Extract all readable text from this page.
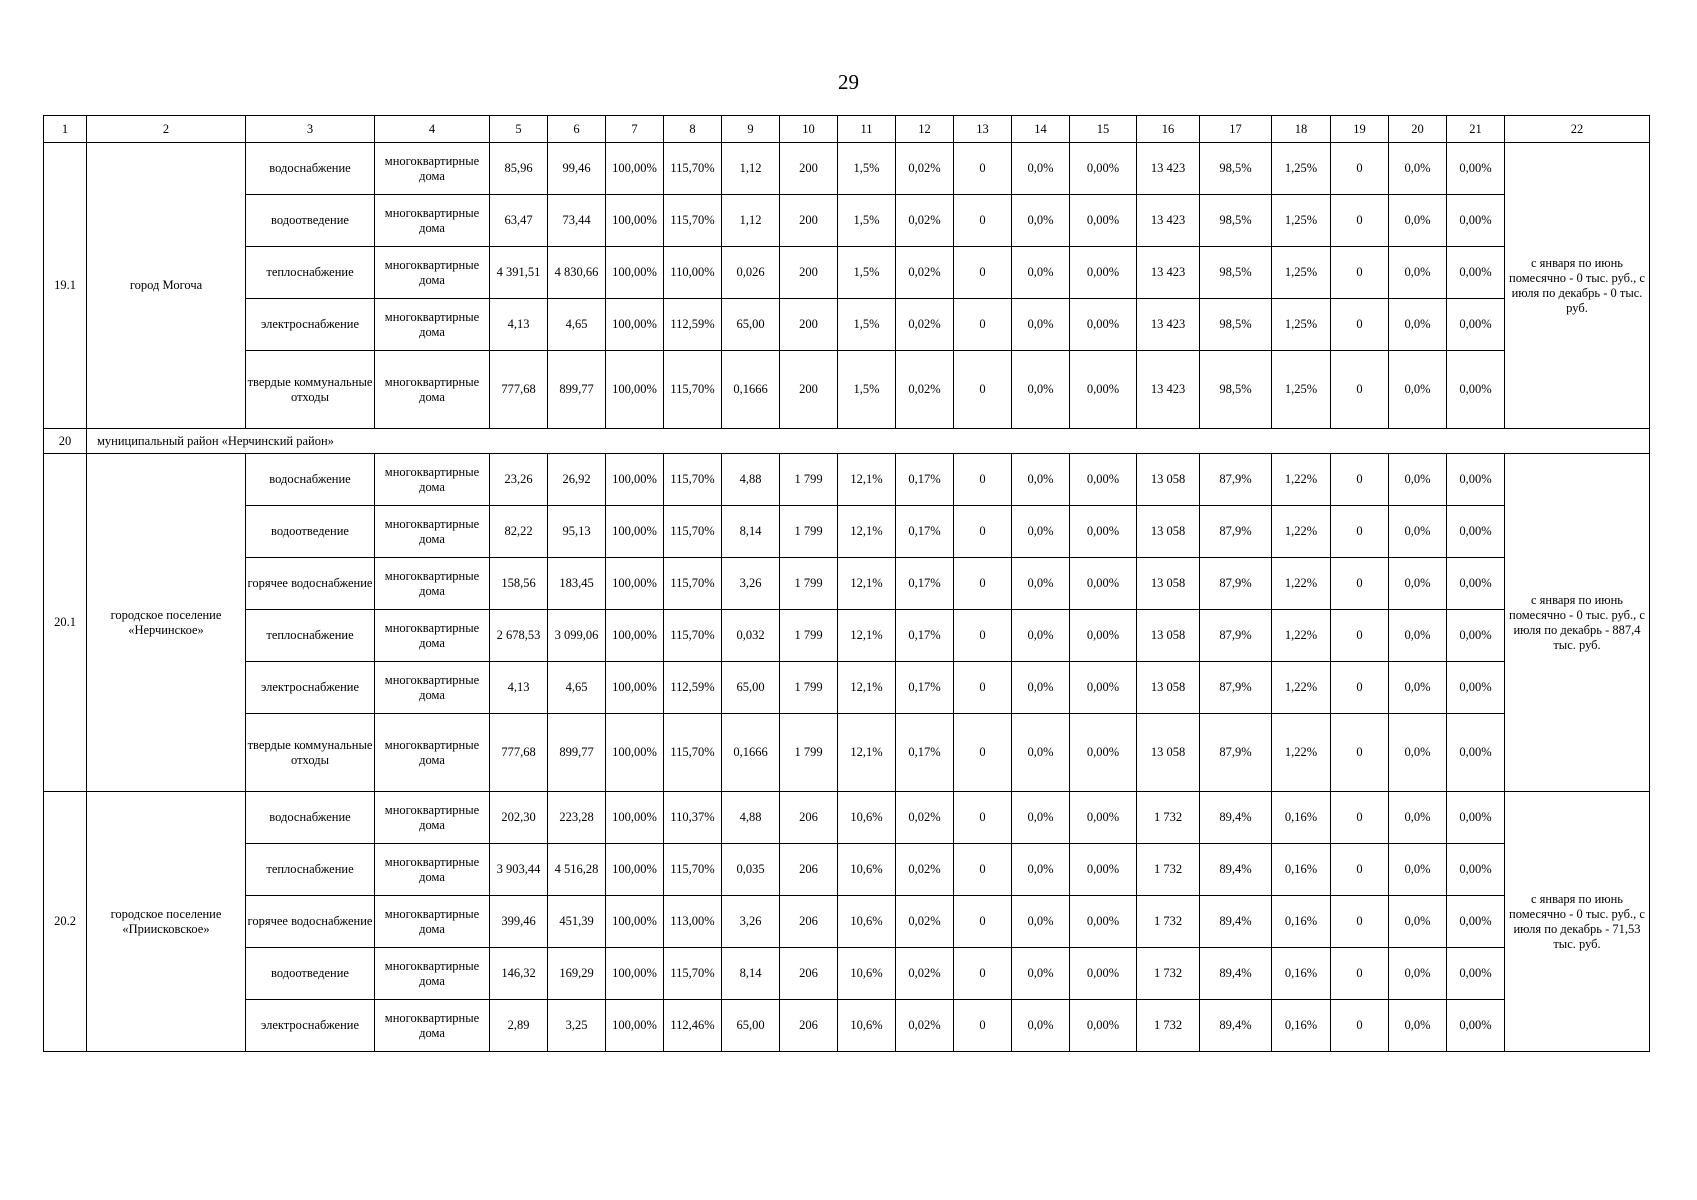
29
1	2	3	4	5	6	7	8	9	10	11	12	13	14	15	16	17	18	19	20	21	22
19.1	город Могоча	водоснабжение	многоквартирные дома	85,96	99,46	100,00%	115,70%	1,12	200	1,5%	0,02%	0	0,0%	0,00%	13 423	98,5%	1,25%	0	0,0%	0,00%	с января по июнь помесячно - 0 тыс. руб., с июля по декабрь - 0 тыс. руб.
		водоотведение	многоквартирные дома	63,47	73,44	100,00%	115,70%	1,12	200	1,5%	0,02%	0	0,0%	0,00%	13 423	98,5%	1,25%	0	0,0%	0,00%	
		теплоснабжение	многоквартирные дома	4 391,51	4 830,66	100,00%	110,00%	0,026	200	1,5%	0,02%	0	0,0%	0,00%	13 423	98,5%	1,25%	0	0,0%	0,00%	
		электроснабжение	многоквартирные дома	4,13	4,65	100,00%	112,59%	65,00	200	1,5%	0,02%	0	0,0%	0,00%	13 423	98,5%	1,25%	0	0,0%	0,00%	
		твердые коммунальные отходы	многоквартирные дома	777,68	899,77	100,00%	115,70%	0,1666	200	1,5%	0,02%	0	0,0%	0,00%	13 423	98,5%	1,25%	0	0,0%	0,00%	
20	муниципальный район «Нерчинский район»																				
20.1	городское поселение «Нерчинское»	водоснабжение	многоквартирные дома	23,26	26,92	100,00%	115,70%	4,88	1 799	12,1%	0,17%	0	0,0%	0,00%	13 058	87,9%	1,22%	0	0,0%	0,00%	с января по июнь помесячно - 0 тыс. руб., с июля по декабрь - 887,4 тыс. руб.
		водоотведение	многоквартирные дома	82,22	95,13	100,00%	115,70%	8,14	1 799	12,1%	0,17%	0	0,0%	0,00%	13 058	87,9%	1,22%	0	0,0%	0,00%	
		горячее водоснабжение	многоквартирные дома	158,56	183,45	100,00%	115,70%	3,26	1 799	12,1%	0,17%	0	0,0%	0,00%	13 058	87,9%	1,22%	0	0,0%	0,00%	
		теплоснабжение	многоквартирные дома	2 678,53	3 099,06	100,00%	115,70%	0,032	1 799	12,1%	0,17%	0	0,0%	0,00%	13 058	87,9%	1,22%	0	0,0%	0,00%	
		электроснабжение	многоквартирные дома	4,13	4,65	100,00%	112,59%	65,00	1 799	12,1%	0,17%	0	0,0%	0,00%	13 058	87,9%	1,22%	0	0,0%	0,00%	
		твердые коммунальные отходы	многоквартирные дома	777,68	899,77	100,00%	115,70%	0,1666	1 799	12,1%	0,17%	0	0,0%	0,00%	13 058	87,9%	1,22%	0	0,0%	0,00%	
20.2	городское поселение «Приисковское»	водоснабжение	многоквартирные дома	202,30	223,28	100,00%	110,37%	4,88	206	10,6%	0,02%	0	0,0%	0,00%	1 732	89,4%	0,16%	0	0,0%	0,00%	с января по июнь помесячно - 0 тыс. руб., с июля по декабрь - 71,53 тыс. руб.
		теплоснабжение	многоквартирные дома	3 903,44	4 516,28	100,00%	115,70%	0,035	206	10,6%	0,02%	0	0,0%	0,00%	1 732	89,4%	0,16%	0	0,0%	0,00%	
		горячее водоснабжение	многоквартирные дома	399,46	451,39	100,00%	113,00%	3,26	206	10,6%	0,02%	0	0,0%	0,00%	1 732	89,4%	0,16%	0	0,0%	0,00%	
		водоотведение	многоквартирные дома	146,32	169,29	100,00%	115,70%	8,14	206	10,6%	0,02%	0	0,0%	0,00%	1 732	89,4%	0,16%	0	0,0%	0,00%	
		электроснабжение	многоквартирные дома	2,89	3,25	100,00%	112,46%	65,00	206	10,6%	0,02%	0	0,0%	0,00%	1 732	89,4%	0,16%	0	0,0%	0,00%	
